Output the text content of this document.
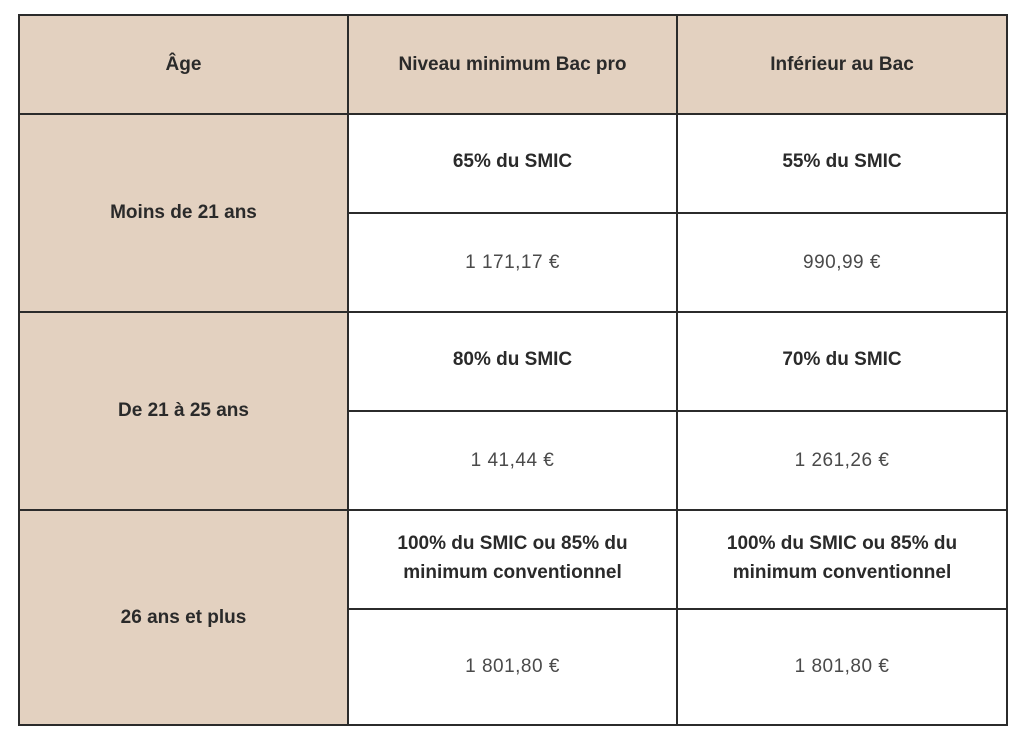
Âge	Niveau minimum Bac pro	Inférieur au Bac
Moins de 21 ans	65% du SMIC	55% du SMIC
	1 171,17 €	990,99 €
De 21 à 25 ans	80% du SMIC	70% du SMIC
	1 41,44 €	1 261,26 €
26 ans et plus	100% du SMIC ou 85% du minimum conventionnel	100% du SMIC ou 85% du minimum conventionnel
	1 801,80 €	1 801,80 €
